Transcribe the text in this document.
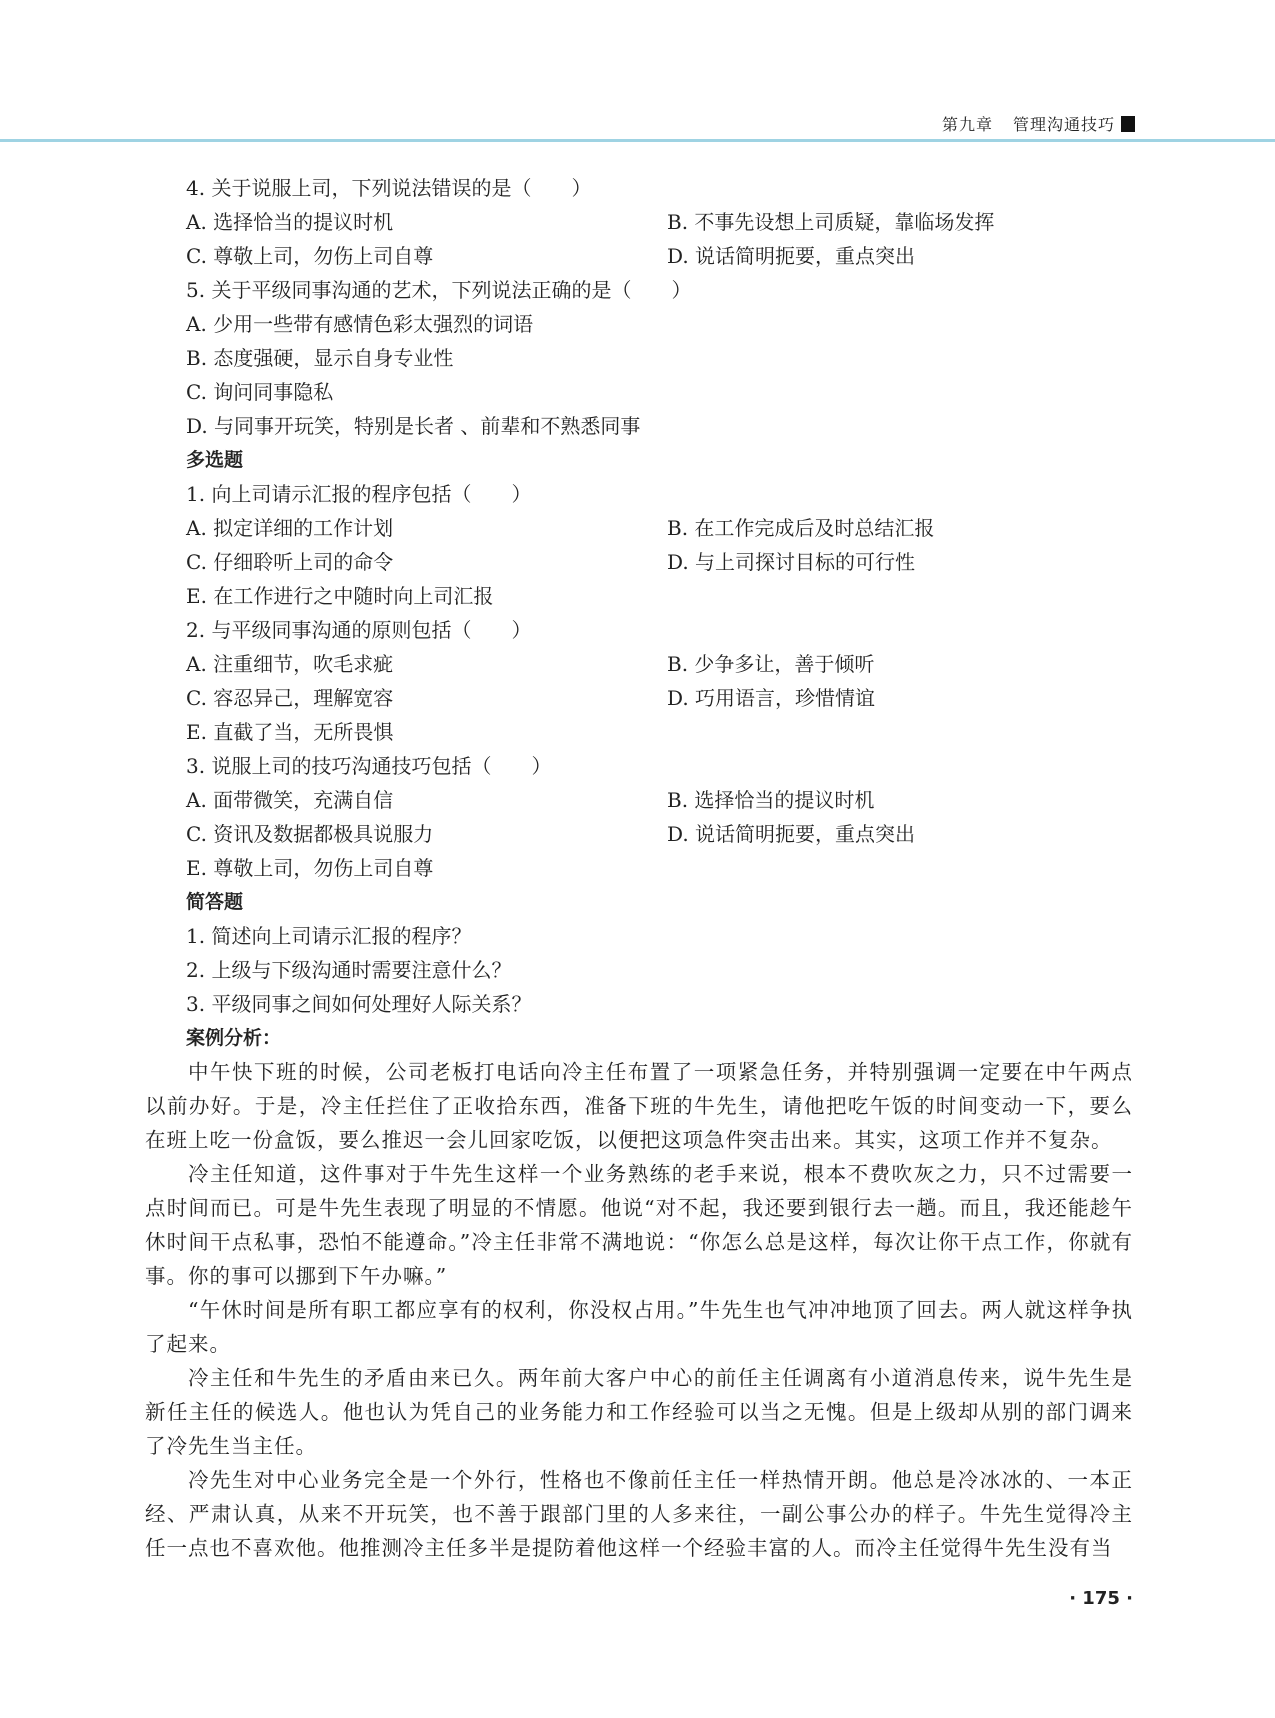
第九章 管理沟通技巧
4. 关于说服上司，下列说法错误的是（　　）
A. 选择恰当的提议时机	B. 不事先设想上司质疑，靠临场发挥
C. 尊敬上司，勿伤上司自尊	D. 说话简明扼要，重点突出
5. 关于平级同事沟通的艺术，下列说法正确的是（　　）
A. 少用一些带有感情色彩太强烈的词语
B. 态度强硬，显示自身专业性
C. 询问同事隐私
D. 与同事开玩笑，特别是长者 、前辈和不熟悉同事
多选题
1. 向上司请示汇报的程序包括（　　）
A. 拟定详细的工作计划	B. 在工作完成后及时总结汇报
C. 仔细聆听上司的命令	D. 与上司探讨目标的可行性
E. 在工作进行之中随时向上司汇报
2. 与平级同事沟通的原则包括（　　）
A. 注重细节，吹毛求疵	B. 少争多让，善于倾听
C. 容忍异己，理解宽容	D. 巧用语言，珍惜情谊
E. 直截了当，无所畏惧
3. 说服上司的技巧沟通技巧包括（　　）
A. 面带微笑，充满自信	B. 选择恰当的提议时机
C. 资讯及数据都极具说服力	D. 说话简明扼要，重点突出
E. 尊敬上司，勿伤上司自尊
简答题
1. 简述向上司请示汇报的程序？
2. 上级与下级沟通时需要注意什么？
3. 平级同事之间如何处理好人际关系？
案例分析：

中午快下班的时候，公司老板打电话向冷主任布置了一项紧急任务，并特别强调一定要在中午两点以前办好。于是，冷主任拦住了正收拾东西，准备下班的牛先生，请他把吃午饭的时间变动一下，要么在班上吃一份盒饭，要么推迟一会儿回家吃饭，以便把这项急件突击出来。其实，这项工作并不复杂。

冷主任知道，这件事对于牛先生这样一个业务熟练的老手来说，根本不费吹灰之力，只不过需要一点时间而已。可是牛先生表现了明显的不情愿。他说“对不起，我还要到银行去一趟。而且，我还能趁午休时间干点私事，恐怕不能遵命。”冷主任非常不满地说：“你怎么总是这样，每次让你干点工作，你就有事。你的事可以挪到下午办嘛。”

“午休时间是所有职工都应享有的权利，你没权占用。”牛先生也气冲冲地顶了回去。两人就这样争执了起来。

冷主任和牛先生的矛盾由来已久。两年前大客户中心的前任主任调离有小道消息传来，说牛先生是新任主任的候选人。他也认为凭自己的业务能力和工作经验可以当之无愧。但是上级却从别的部门调来了冷先生当主任。

冷先生对中心业务完全是一个外行，性格也不像前任主任一样热情开朗。他总是冷冰冰的、一本正经、严肃认真，从来不开玩笑，也不善于跟部门里的人多来往，一副公事公办的样子。牛先生觉得冷主任一点也不喜欢他。他推测冷主任多半是提防着他这样一个经验丰富的人。而冷主任觉得牛先生没有当

· 175 ·
